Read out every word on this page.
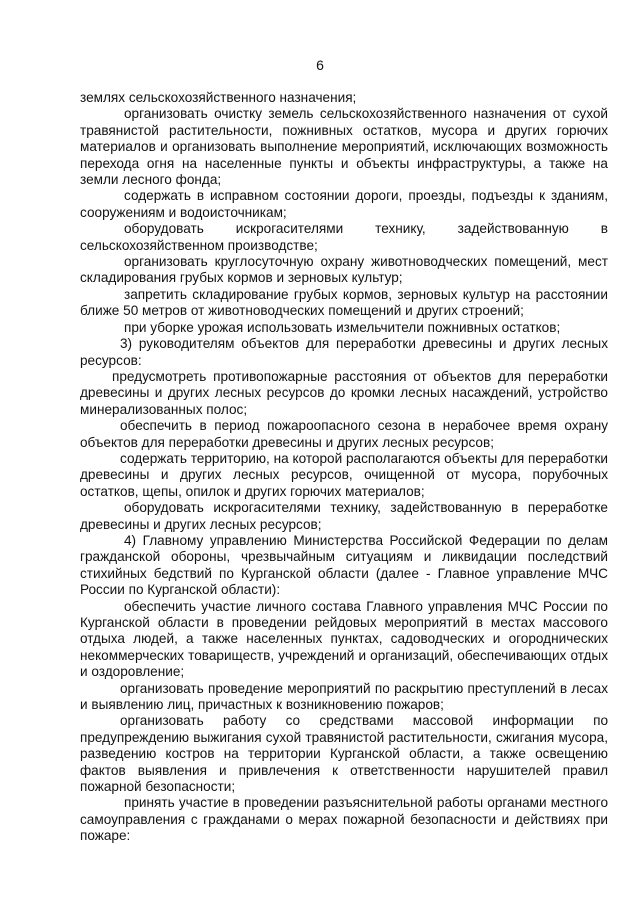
6

землях сельскохозяйственного назначения;

организовать очистку земель сельскохозяйственного назначения от сухой травянистой растительности, пожнивных остатков, мусора и других горючих материалов и организовать выполнение мероприятий, исключающих возможность перехода огня на населенные пункты и объекты инфраструктуры, а также на земли лесного фонда;

содержать в исправном состоянии дороги, проезды, подъезды к зданиям, сооружениям и водоисточникам;

оборудовать искрогасителями технику, задействованную в сельскохозяйственном производстве;

организовать круглосуточную охрану животноводческих помещений, мест складирования грубых кормов и зерновых культур;

запретить складирование грубых кормов, зерновых культур на расстоянии ближе 50 метров от животноводческих помещений и других строений;

при уборке урожая использовать измельчители пожнивных остатков;

3) руководителям объектов для переработки древесины и других лесных ресурсов:

предусмотреть противопожарные расстояния от объектов для переработки древесины и других лесных ресурсов до кромки лесных насаждений, устройство минерализованных полос;

обеспечить в период пожароопасного сезона в нерабочее время охрану объектов для переработки древесины и других лесных ресурсов;

содержать территорию, на которой располагаются объекты для переработки древесины и других лесных ресурсов, очищенной от мусора, порубочных остатков, щепы, опилок и других горючих материалов;

оборудовать искрогасителями технику, задействованную в переработке древесины и других лесных ресурсов;

4) Главному управлению Министерства Российской Федерации по делам гражданской обороны, чрезвычайным ситуациям и ликвидации последствий стихийных бедствий по Курганской области (далее - Главное управление МЧС России по Курганской области):

обеспечить участие личного состава Главного управления МЧС России по Курганской области в проведении рейдовых мероприятий в местах массового отдыха людей, а также населенных пунктах, садоводческих и огороднических некоммерческих товариществ, учреждений и организаций, обеспечивающих отдых и оздоровление;

организовать проведение мероприятий по раскрытию преступлений в лесах и выявлению лиц, причастных к возникновению пожаров;

организовать работу со средствами массовой информации по предупреждению выжигания сухой травянистой растительности, сжигания мусора, разведению костров на территории Курганской области, а также освещению фактов выявления и привлечения к ответственности нарушителей правил пожарной безопасности;

принять участие в проведении разъяснительной работы органами местного самоуправления с гражданами о мерах пожарной безопасности и действиях при пожаре:
